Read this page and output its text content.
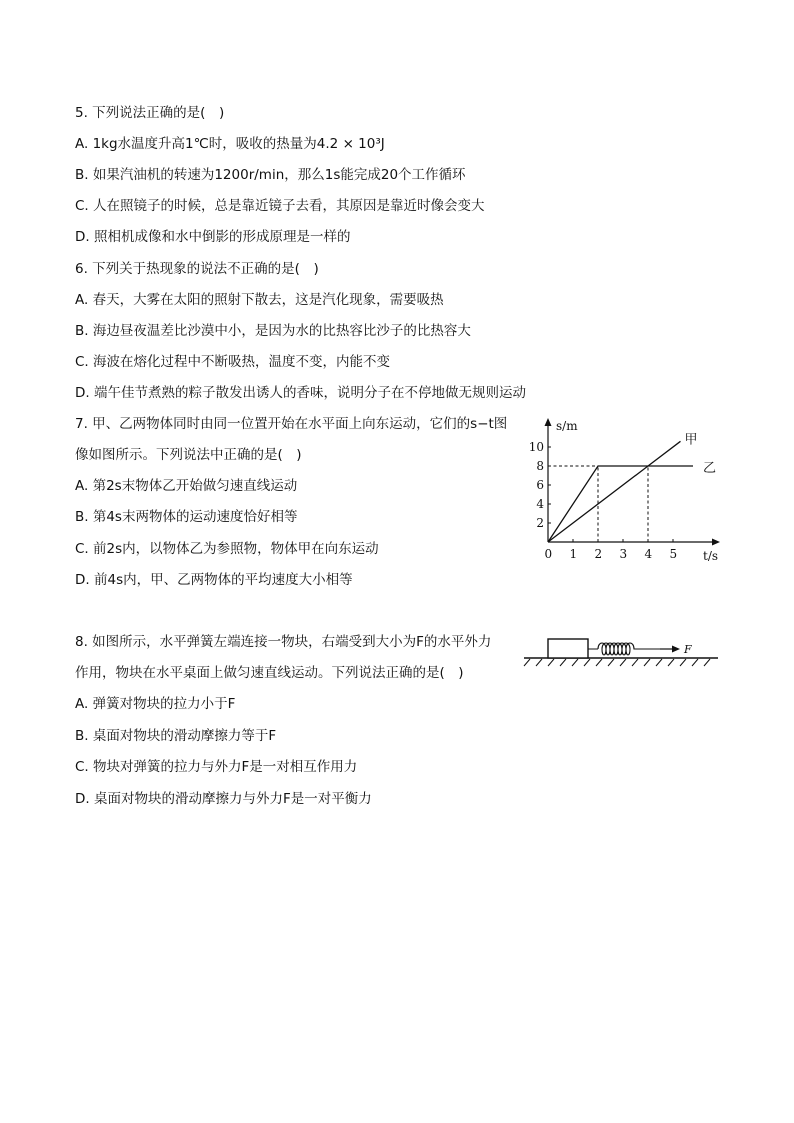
5. 下列说法正确的是(　)
A. 1kg水温度升高1℃时，吸收的热量为4.2 × 10³J
B. 如果汽油机的转速为1200r/min，那么1s能完成20个工作循环
C. 人在照镜子的时候，总是靠近镜子去看，其原因是靠近时像会变大
D. 照相机成像和水中倒影的形成原理是一样的
6. 下列关于热现象的说法不正确的是(　)
A. 春天，大雾在太阳的照射下散去，这是汽化现象，需要吸热
B. 海边昼夜温差比沙漠中小，是因为水的比热容比沙子的比热容大
C. 海波在熔化过程中不断吸热，温度不变，内能不变
D. 端午佳节煮熟的粽子散发出诱人的香味，说明分子在不停地做无规则运动
7. 甲、乙两物体同时由同一位置开始在水平面上向东运动，它们的s−t图
像如图所示。下列说法中正确的是(　)
A. 第2s末物体乙开始做匀速直线运动
B. 第4s末两物体的运动速度恰好相等
C. 前2s内，以物体乙为参照物，物体甲在向东运动
D. 前4s内，甲、乙两物体的平均速度大小相等
s/m
t/s
0 1 2 3 4 5
2
4
6
8
10	甲
乙
8. 如图所示，水平弹簧左端连接一物块，右端受到大小为F的水平外力
作用，物块在水平桌面上做匀速直线运动。下列说法正确的是(　)
A. 弹簧对物块的拉力小于F
B. 桌面对物块的滑动摩擦力等于F
C. 物块对弹簧的拉力与外力F是一对相互作用力
D. 桌面对物块的滑动摩擦力与外力F是一对平衡力
F
